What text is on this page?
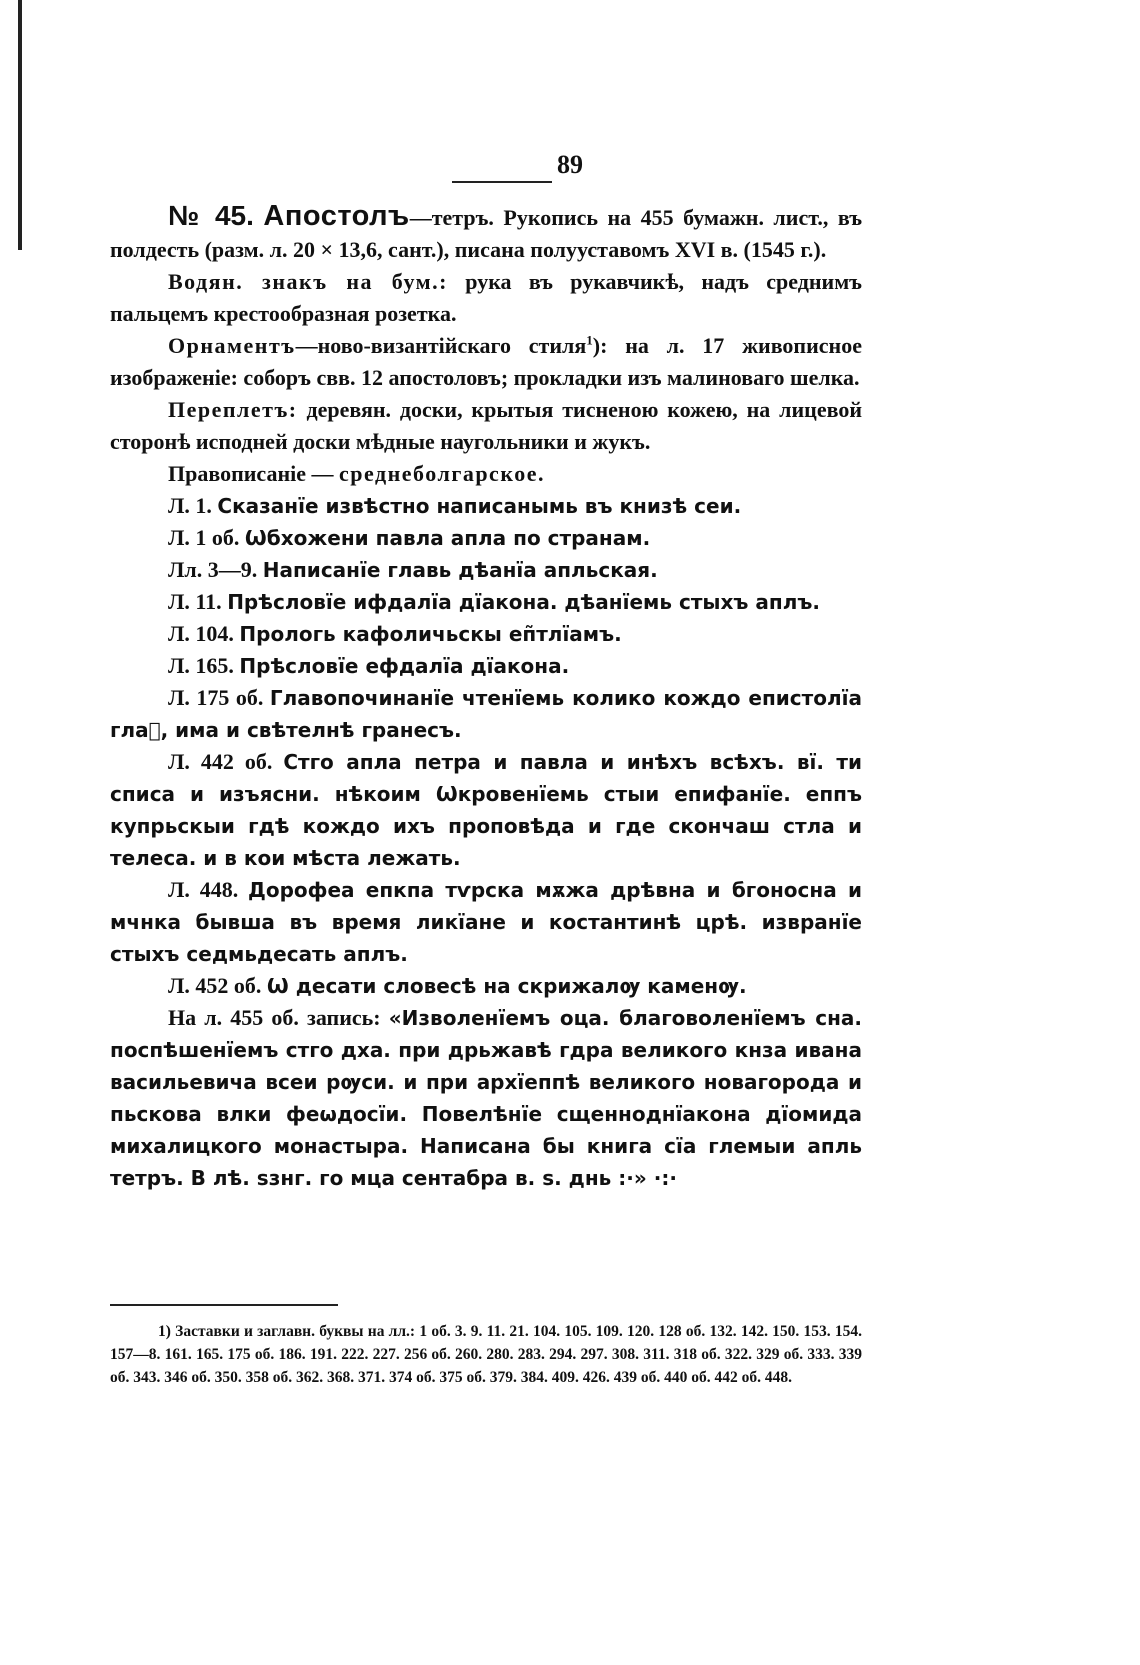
89

№ 45. Апостолъ—тетръ. Рукопись на 455 бумажн. лист., въ полдесть (разм. л. 20 × 13,6, сант.), писана полууставомъ XVI в. (1545 г.).

Водян. знакъ на бум.: рука въ рукавчикѣ, надъ среднимъ пальцемъ крестообразная розетка.

Орнаментъ—ново-византiйскаго стиля$^1$): на л. 17 живописное изображенiе: соборъ свв. 12 апостоловъ; прокладки изъ малиноваго шелка.

Переплетъ: деревян. доски, крытыя тисненою кожею, на лицевой сторонѣ исподней доски мѣдные наугольники и жукъ.

Правописанiе — среднеболгарское.

Л. 1. Сказанїе извѣстно написанымь въ книзѣ сеи.

Л. 1 об. Ѡбхожени павла апла по странам.

Лл. 3—9. Написанїе главь дѣанїа апльская.

Л. 11. Прѣсловїе ифдалїа дїакона. дѣанїемь стыхъ аплъ.

Л. 104. Прологь кафоличьскы еп̃тлїамъ.

Л. 165. Прѣсловїе ефдалїа дїакона.

Л. 175 об. Главопочинанїе чтенїемь колико кождо епистолїа глаⷯ, има и свѣтелнѣ гранесъ.

Л. 442 об. Стго апла петра и павла и инѣхъ всѣхъ. вї. ти списа и изъясни. нѣкоим Ѡкровенїемь стыи епифанїе. еппъ купрьскыи гдѣ кождо ихъ проповѣда и где скончаш стла и телеса. и в кои мѣста лежать.

Л. 448. Дорофеа епкпа тѵрска мѫжа дрѣвна и бгоносна и мчнка бывша въ время ликїане и костантинѣ црѣ. извранїе стыхъ седмьдесать аплъ.

Л. 452 об. Ѡ десати словесѣ на скрижалѹ каменѹ.

На л. 455 об. запись: «Изволенїемъ оца. благоволенїемъ сна. поспѣшенїемъ стго дха. при дрьжавѣ гдра великого кнза ивана васильевича всеи рѹси. и при архїеппѣ великого новагорода и пьскова влки феѡдосїи. Повелѣнїе сщенноднїакона дїомида михалицкого монастыра. Написана бы книга сїа глемыи апль тетръ. В лѣ. ѕзнг. го мца сентабра в. ѕ. днь :·» ·:·

1) Заставки и заглавн. буквы на лл.: 1 об. 3. 9. 11. 21. 104. 105. 109. 120. 128 об. 132. 142. 150. 153. 154. 157—8. 161. 165. 175 об. 186. 191. 222. 227. 256 об. 260. 280. 283. 294. 297. 308. 311. 318 об. 322. 329 об. 333. 339 об. 343. 346 об. 350. 358 об. 362. 368. 371. 374 об. 375 об. 379. 384. 409. 426. 439 об. 440 об. 442 об. 448.
